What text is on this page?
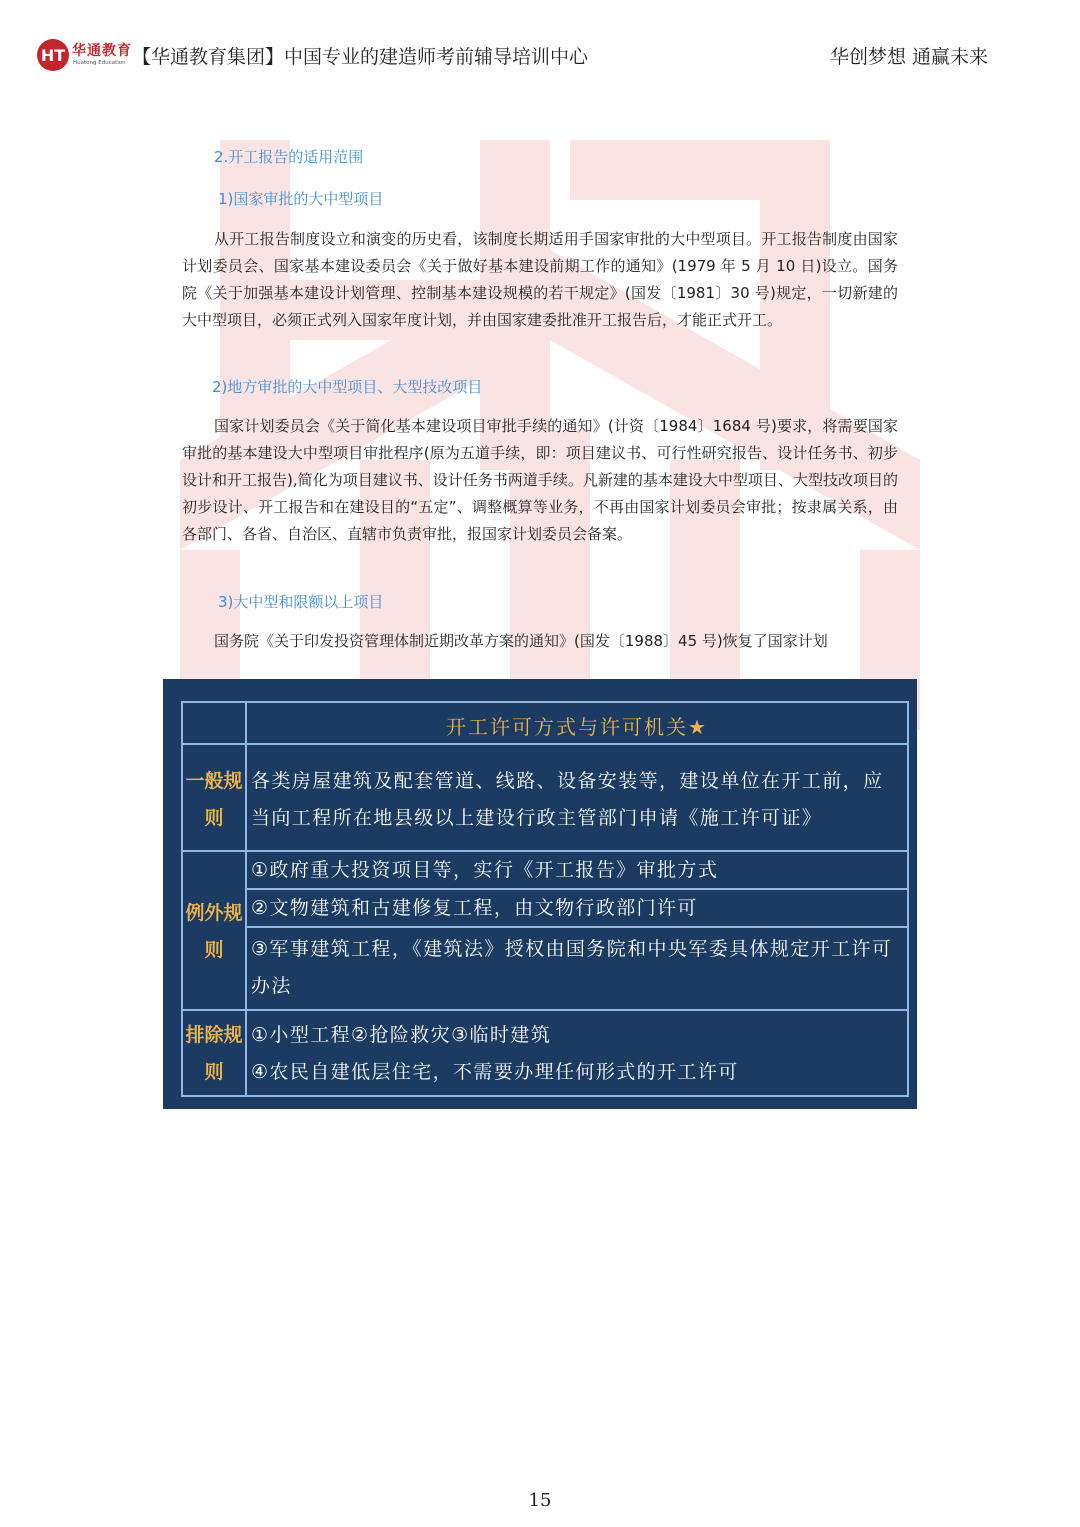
HT 华通教育
Huatong Education 【华通教育集团】中国专业的建造师考前辅导培训中心	华创梦想 通赢未来
2.开工报告的适用范围
1)国家审批的大中型项目
从开工报告制度设立和演变的历史看，该制度长期适用手国家审批的大中型项目。开工报告制度由国家计划委员会、国家基本建设委员会《关于做好基本建设前期工作的通知》(1979 年 5 月 10 日)设立。国务院《关于加强基本建设计划管理、控制基本建设规模的若干规定》(国发〔1981〕30 号)规定，一切新建的大中型项目，必须正式列入国家年度计划，并由国家建委批准开工报告后，才能正式开工。
2)地方审批的大中型项目、大型技改项目
国家计划委员会《关于简化基本建设项目审批手续的通知》(计资〔1984〕1684 号)要求，将需要国家审批的基本建设大中型项目审批程序(原为五道手续，即：项目建议书、可行性研究报告、设计任务书、初步设计和开工报告),简化为项目建议书、设计任务书两道手续。凡新建的基本建设大中型项目、大型技改项目的初步设计、开工报告和在建设目的“五定”、调整概算等业务，不再由国家计划委员会审批；按隶属关系，由各部门、各省、自治区、直辖市负责审批，报国家计划委员会备案。
3)大中型和限额以上项目
国务院《关于印发投资管理体制近期改革方案的通知》(国发〔1988〕45 号)恢复了国家计划
开工许可方式与许可机关★
一般规则
各类房屋建筑及配套管道、线路、设备安装等，建设单位在开工前，应当向工程所在地县级以上建设行政主管部门申请《施工许可证》
例外规则
①政府重大投资项目等，实行《开工报告》审批方式
②文物建筑和古建修复工程，由文物行政部门许可
③军事建筑工程，《建筑法》授权由国务院和中央军委具体规定开工许可办法
排除规则
①小型工程②抢险救灾③临时建筑
④农民自建低层住宅，不需要办理任何形式的开工许可
15
